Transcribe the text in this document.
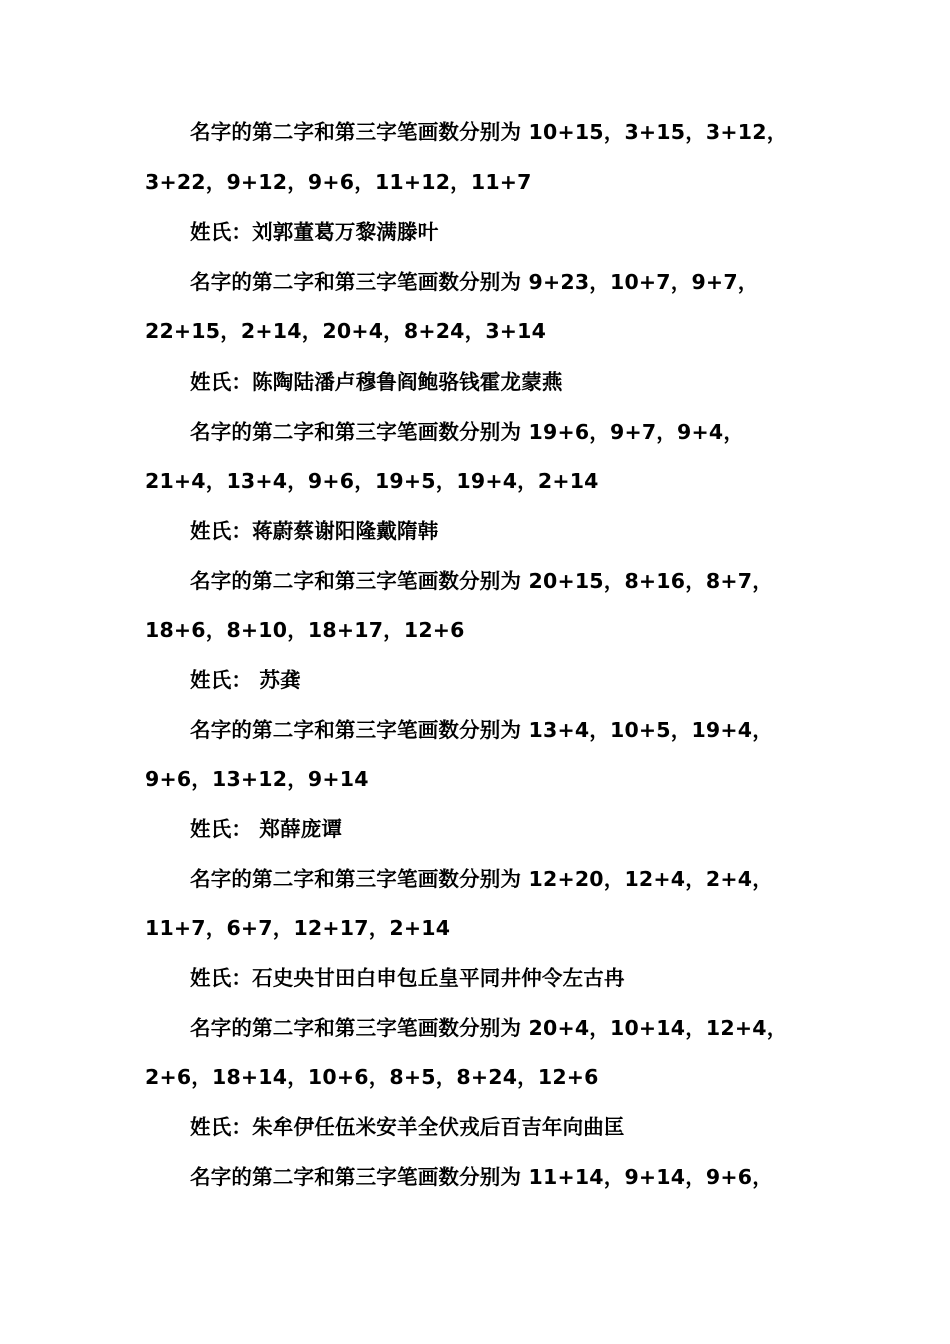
名字的第二字和第三字笔画数分别为 10+15，3+15，3+12，
3+22，9+12，9+6，11+12，11+7
姓氏：刘郭董葛万黎满滕叶
名字的第二字和第三字笔画数分别为 9+23，10+7，9+7，
22+15，2+14，20+4，8+24，3+14
姓氏：陈陶陆潘卢穆鲁阎鲍骆钱霍龙蒙燕
名字的第二字和第三字笔画数分别为 19+6，9+7，9+4，
21+4，13+4，9+6，19+5，19+4，2+14
姓氏：蒋蔚蔡谢阳隆戴隋韩
名字的第二字和第三字笔画数分别为 20+15，8+16，8+7，
18+6，8+10，18+17，12+6
姓氏： 苏龚
名字的第二字和第三字笔画数分别为 13+4，10+5，19+4，
9+6，13+12，9+14
姓氏： 郑薛庞谭
名字的第二字和第三字笔画数分别为 12+20，12+4，2+4，
11+7，6+7，12+17，2+14
姓氏：石史央甘田白申包丘皇平同井仲令左古冉
名字的第二字和第三字笔画数分别为 20+4，10+14，12+4，
2+6，18+14，10+6，8+5，8+24，12+6
姓氏：朱牟伊任伍米安羊全伏戎后百吉年向曲匡
名字的第二字和第三字笔画数分别为 11+14，9+14，9+6，
